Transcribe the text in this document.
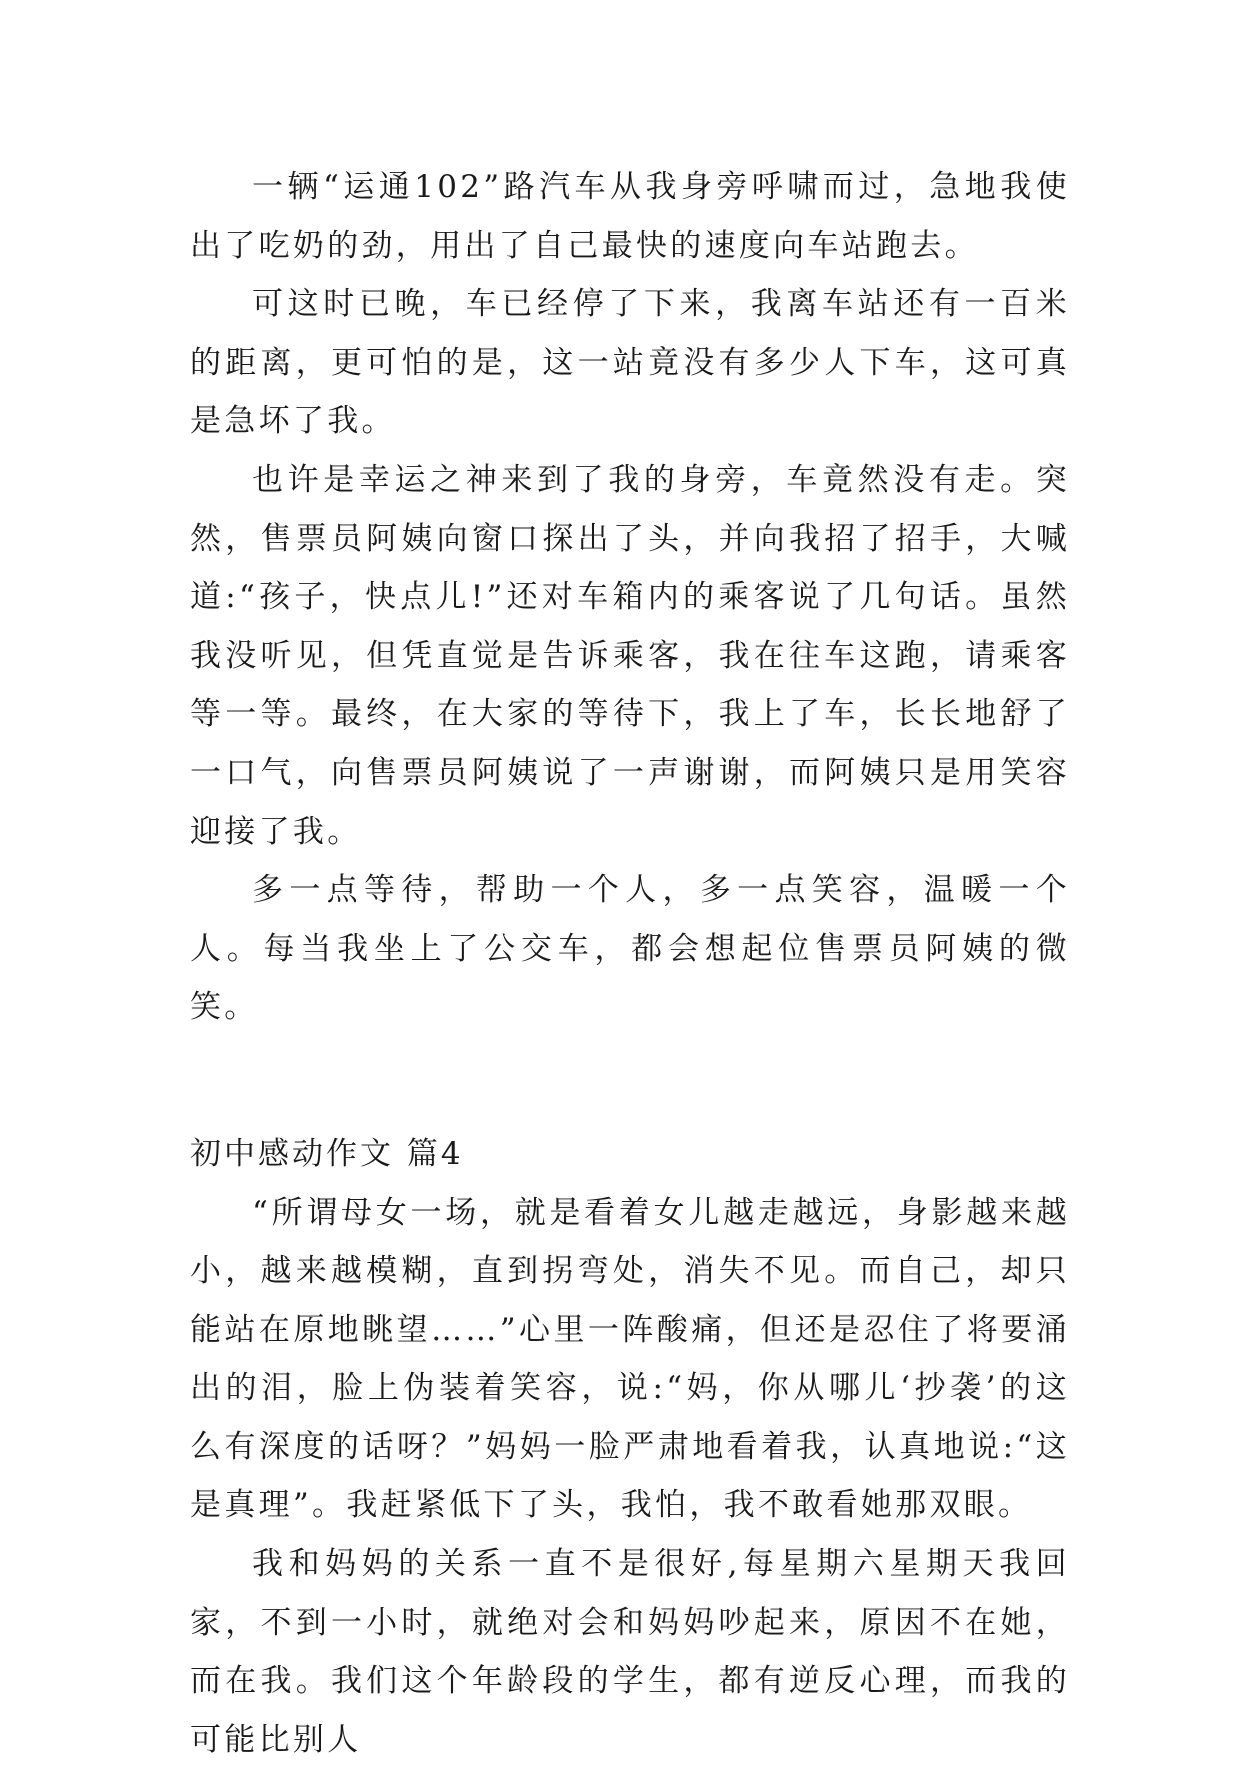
一辆“运通102”路汽车从我身旁呼啸而过，急地我使出了吃奶的劲，用出了自己最快的速度向车站跑去。

可这时已晚，车已经停了下来，我离车站还有一百米的距离，更可怕的是，这一站竟没有多少人下车，这可真是急坏了我。

也许是幸运之神来到了我的身旁，车竟然没有走。突然，售票员阿姨向窗口探出了头，并向我招了招手，大喊道:“孩子，快点儿!”还对车箱内的乘客说了几句话。虽然我没听见，但凭直觉是告诉乘客，我在往车这跑，请乘客等一等。最终，在大家的等待下，我上了车，长长地舒了一口气，向售票员阿姨说了一声谢谢，而阿姨只是用笑容迎接了我。

多一点等待，帮助一个人，多一点笑容，温暖一个人。每当我坐上了公交车，都会想起位售票员阿姨的微笑。

初中感动作文 篇4

“所谓母女一场，就是看着女儿越走越远，身影越来越小，越来越模糊，直到拐弯处，消失不见。而自己，却只能站在原地眺望……”心里一阵酸痛，但还是忍住了将要涌出的泪，脸上伪装着笑容，说:“妈，你从哪儿‘抄袭’的这么有深度的话呀？”妈妈一脸严肃地看着我，认真地说:“这是真理”。我赶紧低下了头，我怕，我不敢看她那双眼。

我和妈妈的关系一直不是很好,每星期六星期天我回家，不到一小时，就绝对会和妈妈吵起来，原因不在她，而在我。我们这个年龄段的学生，都有逆反心理，而我的可能比别人
